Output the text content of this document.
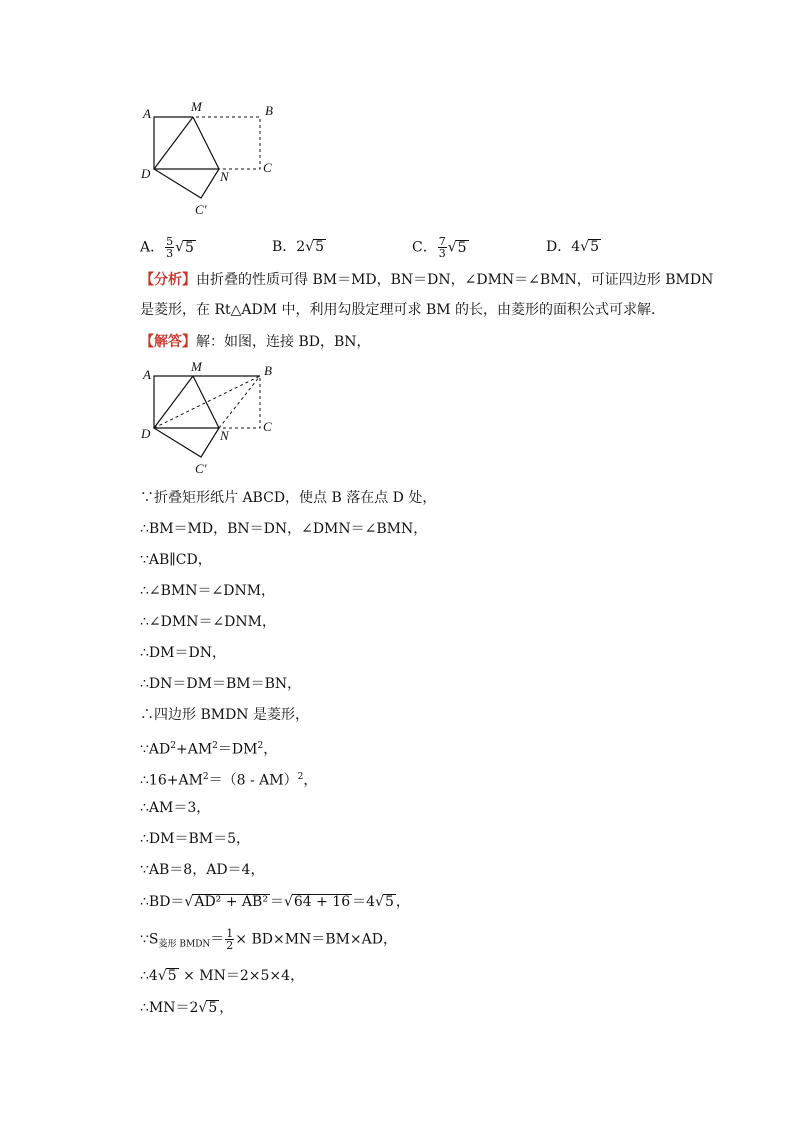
A	M	B
D	N
C
C′
A． $\frac{5}{3} √5$	B．2√5	C． $\frac{7}{3} √5$	D．4√5
【分析】由折叠的性质可得 BM＝MD，BN＝DN，∠DMN＝∠BMN，可证四边形 BMDN
是菱形，在 Rt△ADM 中，利用勾股定理可求 BM 的长，由菱形的面积公式可求解．
【解答】解：如图，连接 BD，BN，
A
M	B
D	N
C
C′
∵折叠矩形纸片 ABCD，使点 B 落在点 D 处，
∴BM＝MD，BN＝DN，∠DMN＝∠BMN，
∵AB∥CD，
∴∠BMN＝∠DNM，
∴∠DMN＝∠DNM，
∴DM＝DN，
∴DN＝DM＝BM＝BN，
∴四边形 BMDN 是菱形，
$\because AD^2+AM^2=DM^2$，
$\therefore 16+AM^2=(8 - AM)^2$，
∴AM＝3，
∴DM＝BM＝5，
∵AB＝8，AD＝4，
∴BD＝√AD² + AB² ＝√64 + 16 ＝4√5 ，
$\because S_{菱形 BMDN}= \frac{1}{2} \times BD\times MN=BM\times AD$，
∴4√5 × MN＝2×5×4，
∴MN＝2√5 ，
